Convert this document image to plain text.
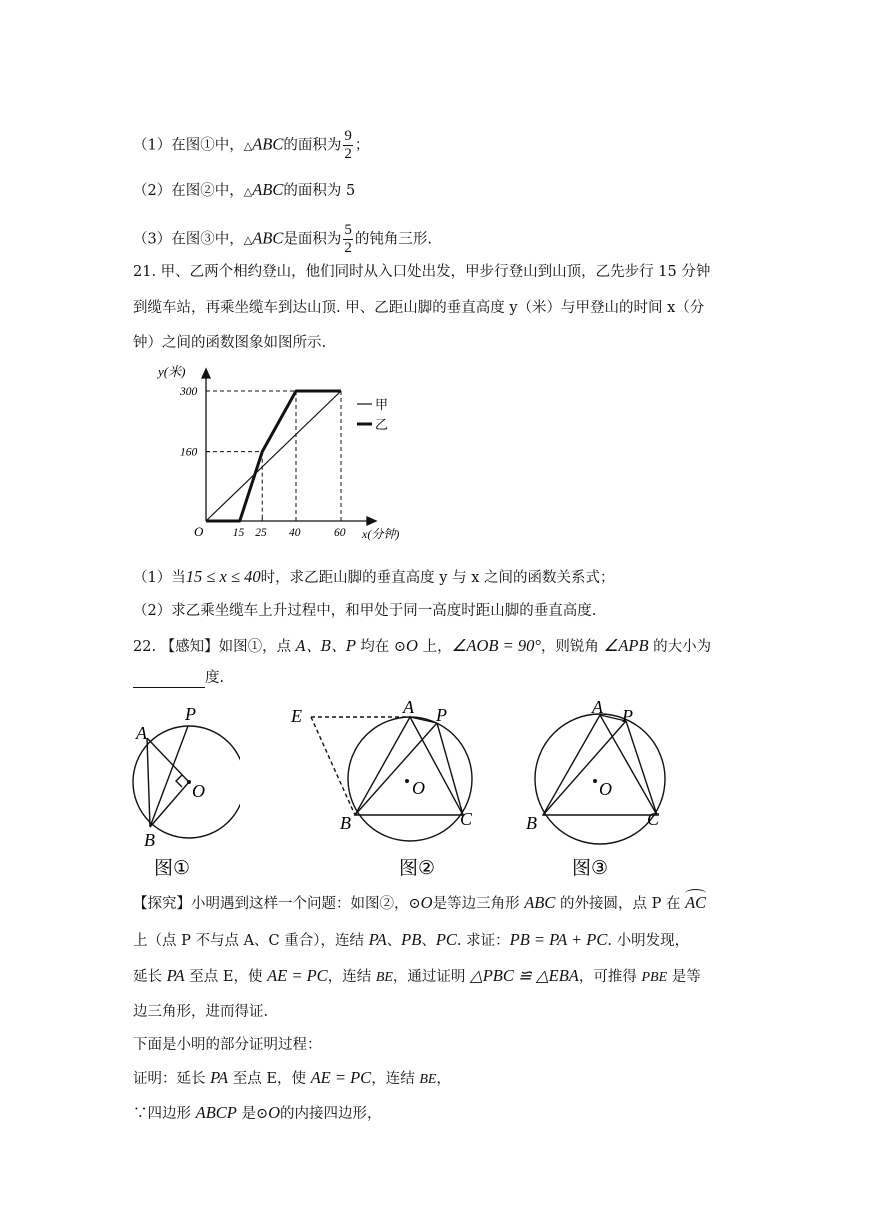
（1）在图①中，△ABC的面积为 $\frac{9}{2}$ ；
（2）在图②中，△ABC的面积为 5
（3）在图③中，△ABC是面积为 $\frac{5}{2}$ 的钝角三形.
21. 甲、乙两个相约登山，他们同时从入口处出发，甲步行登山到山顶，乙先步行 15 分钟
到缆车站，再乘坐缆车到达山顶. 甲、乙距山脚的垂直高度 y（米）与甲登山的时间 x（分
钟）之间的函数图象如图所示.
15 25 40	60
160
300
y(米)
O	x(分钟)
甲
乙
（1）当15 ≤ x ≤ 40时，求乙距山脚的垂直高度 y 与 x 之间的函数关系式；
（2）求乙乘坐缆车上升过程中，和甲处于同一高度时距山脚的垂直高度.
22. 【感知】如图①，点 A、B、P 均在 ⊙O 上，∠AOB = 90°，则锐角 ∠APB 的大小为
度.
A
P
O
B
图①
E	A P
O
B	C
图②
A P
O
B	C
图③
【探究】小明遇到这样一个问题：如图②，⊙O是等边三角形 ABC 的外接圆，点 P 在 AC
上（点 P 不与点 A、C 重合），连结 PA、PB、PC. 求证：PB = PA + PC. 小明发现，
延长 PA 至点 E，使 AE = PC，连结 BE，通过证明 △PBC ≌ △EBA，可推得 PBE 是等
边三角形，进而得证.
下面是小明的部分证明过程：
证明：延长 PA 至点 E，使 AE = PC，连结 BE，
∵四边形 ABCP 是⊙O的内接四边形，
